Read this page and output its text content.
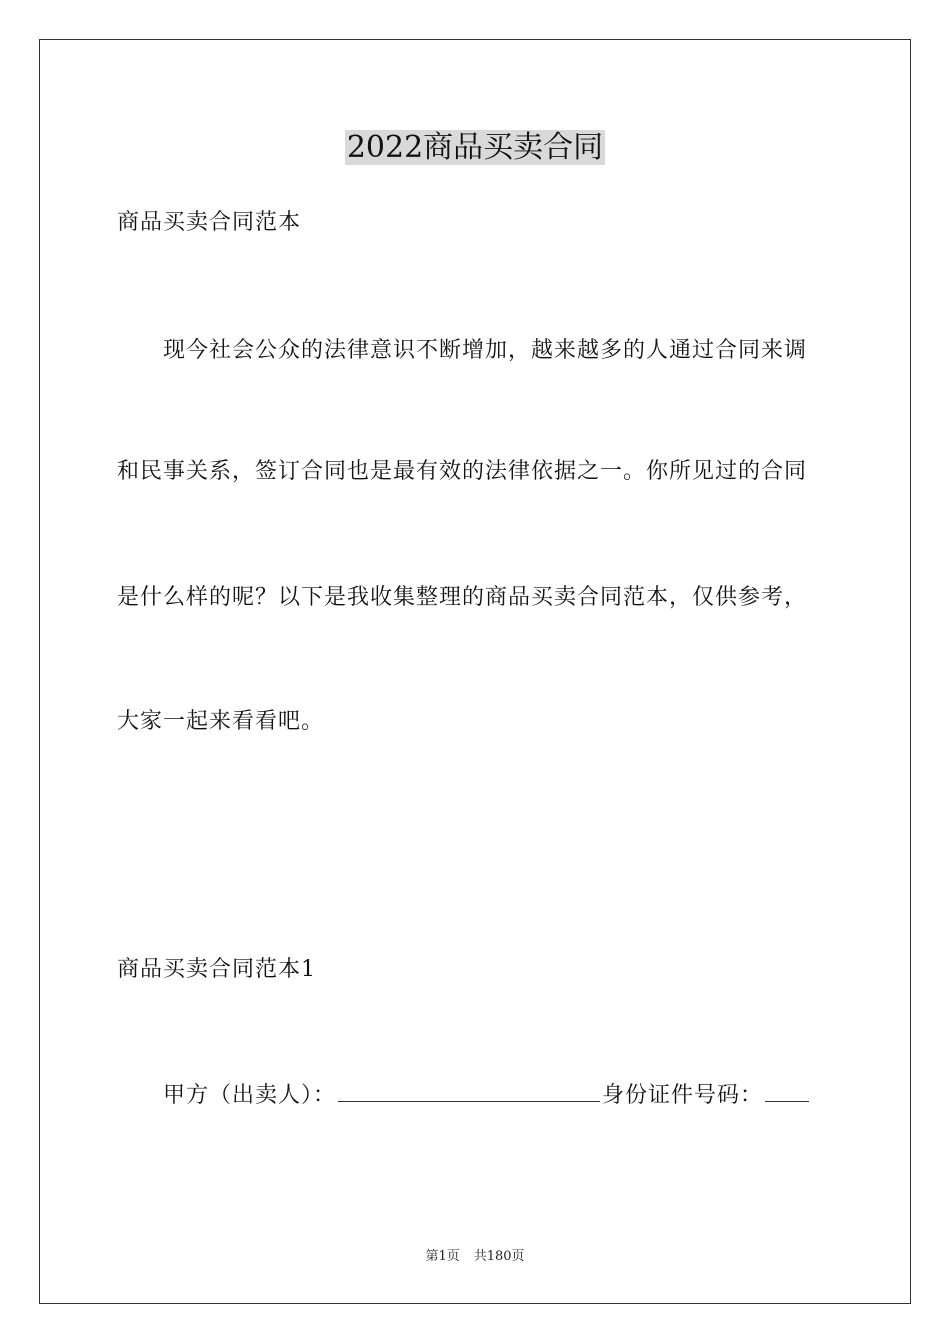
2022商品买卖合同
商品买卖合同范本
现今社会公众的法律意识不断增加，越来越多的人通过合同来调
和民事关系，签订合同也是最有效的法律依据之一。你所见过的合同
是什么样的呢？以下是我收集整理的商品买卖合同范本，仅供参考，
大家一起来看看吧。
商品买卖合同范本1
甲方（出卖人）：	身份证件号码：
第1页 共180页
